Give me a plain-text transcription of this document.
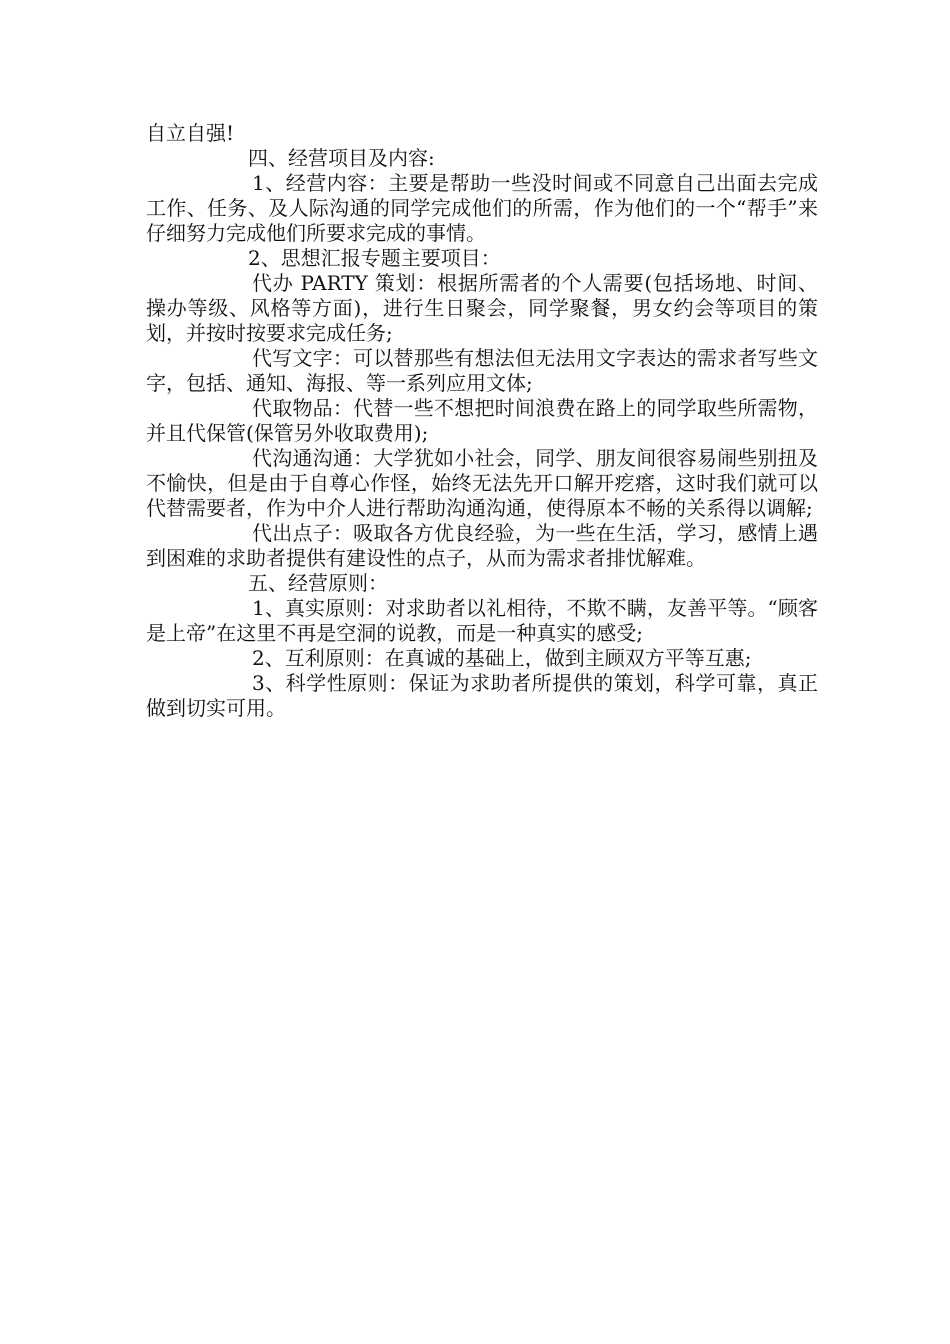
自立自强!

四、经营项目及内容:

1、经营内容：主要是帮助一些没时间或不同意自己出面去完成工作、任务、及人际沟通的同学完成他们的所需，作为他们的一个“帮手”来仔细努力完成他们所要求完成的事情。

2、思想汇报专题主要项目：

代办 PARTY 策划：根据所需者的个人需要(包括场地、时间、操办等级、风格等方面)，进行生日聚会，同学聚餐，男女约会等项目的策划，并按时按要求完成任务;

代写文字：可以替那些有想法但无法用文字表达的需求者写些文字，包括、通知、海报、等一系列应用文体;

代取物品：代替一些不想把时间浪费在路上的同学取些所需物，并且代保管(保管另外收取费用);

代沟通沟通：大学犹如小社会，同学、朋友间很容易闹些别扭及不愉快，但是由于自尊心作怪，始终无法先开口解开疙瘩，这时我们就可以代替需要者，作为中介人进行帮助沟通沟通，使得原本不畅的关系得以调解;

代出点子：吸取各方优良经验，为一些在生活，学习，感情上遇到困难的求助者提供有建设性的点子，从而为需求者排忧解难。

五、经营原则：

1、真实原则：对求助者以礼相待，不欺不瞒，友善平等。“顾客是上帝”在这里不再是空洞的说教，而是一种真实的感受;

2、互利原则：在真诚的基础上，做到主顾双方平等互惠;

3、科学性原则：保证为求助者所提供的策划，科学可靠，真正做到切实可用。
